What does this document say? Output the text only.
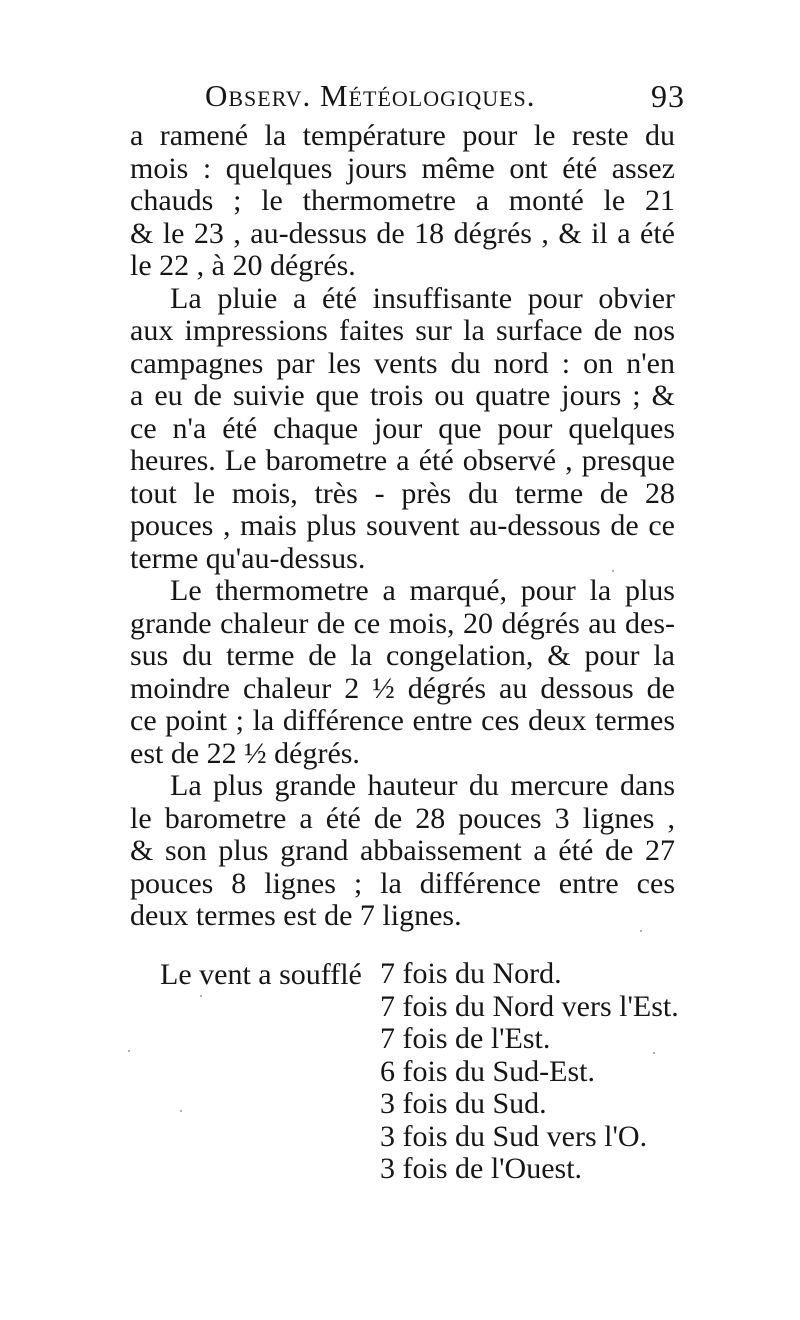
Observ. Météologiques.	93
a ramené la température pour le reste du
mois : quelques jours même ont été assez
chauds ; le thermometre a monté le 21
& le 23 , au-dessus de 18 dégrés , & il a été
le 22 , à 20 dégrés.
La pluie a été insuffisante pour obvier
aux impressions faites sur la surface de nos
campagnes par les vents du nord : on n'en
a eu de suivie que trois ou quatre jours ; &
ce n'a été chaque jour que pour quelques
heures. Le barometre a été observé , presque
tout le mois, très - près du terme de 28
pouces , mais plus souvent au-dessous de ce
terme qu'au-dessus.
Le thermometre a marqué, pour la plus
grande chaleur de ce mois, 20 dégrés au des-
sus du terme de la congelation, & pour la
moindre chaleur 2 ½ dégrés au dessous de
ce point ; la différence entre ces deux termes
est de 22 ½ dégrés.
La plus grande hauteur du mercure dans
le barometre a été de 28 pouces 3 lignes ,
& son plus grand abbaissement a été de 27
pouces 8 lignes ; la différence entre ces
deux termes est de 7 lignes.
Le vent a soufflé 7 fois du Nord.
7 fois du Nord vers l'Est.
7 fois de l'Est.
6 fois du Sud-Est.
3 fois du Sud.
3 fois du Sud vers l'O.
3 fois de l'Ouest.
